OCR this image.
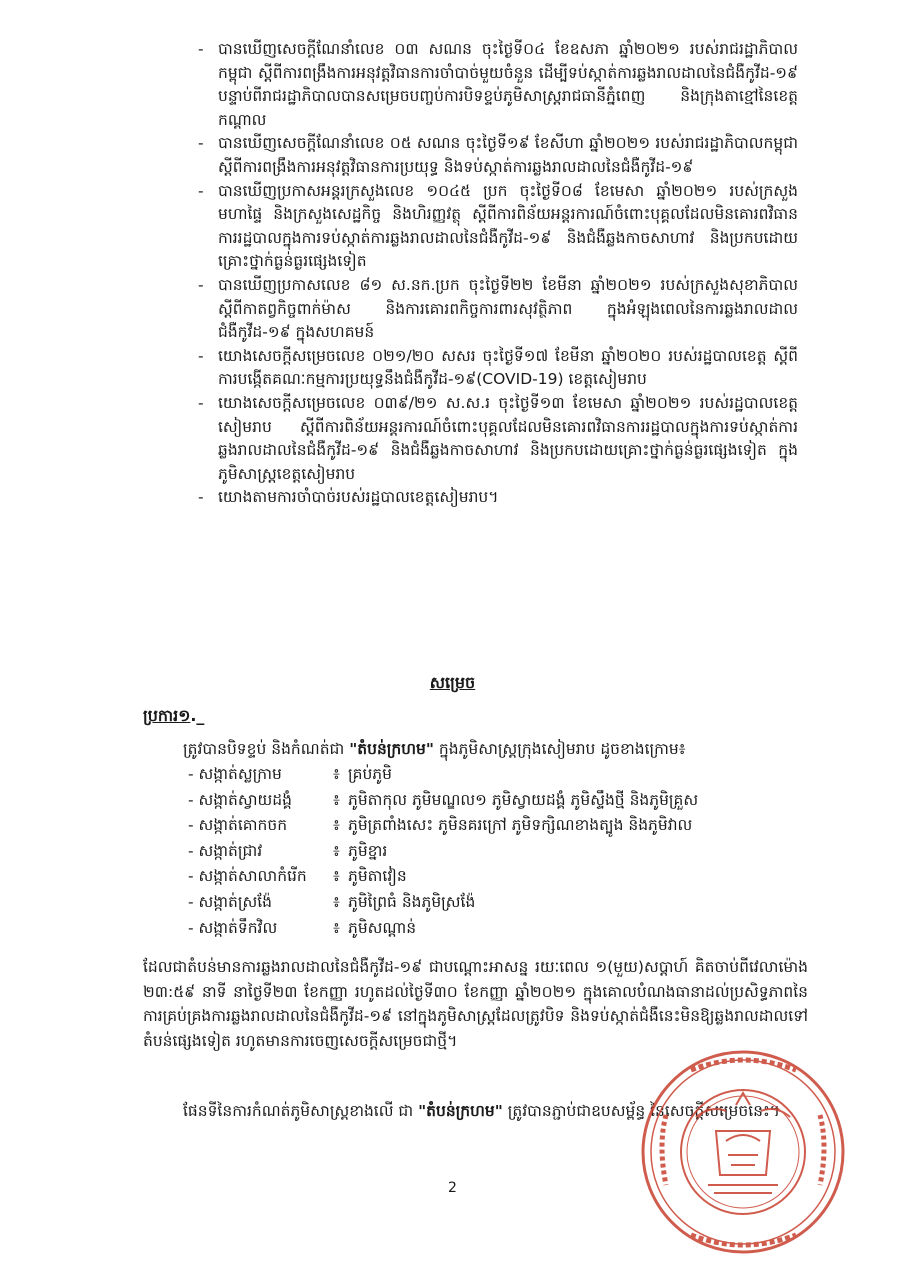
- បានឃើញសេចក្តីណែនាំលេខ ០៣ សណន ចុះថ្ងៃទី០៤ ខែឧសភា ឆ្នាំ២០២១ របស់រាជរដ្ឋាភិបាលកម្ពុជា ស្តីពីការពង្រឹងការអនុវត្តវិធានការចាំបាច់មួយចំនួន ដើម្បីទប់ស្កាត់ការឆ្លងរាលដាលនៃជំងឺកូវីដ-១៩ បន្ទាប់ពីរាជរដ្ឋាភិបាលបានសម្រេចបញ្ចប់ការបិទខ្ទប់ភូមិសាស្ត្ររាជធានីភ្នំពេញ និងក្រុងតាខ្មៅនៃខេត្តកណ្តាល

- បានឃើញសេចក្តីណែនាំលេខ ០៥ សណន ចុះថ្ងៃទី១៩ ខែសីហា ឆ្នាំ២០២១ របស់រាជរដ្ឋាភិបាលកម្ពុជា ស្តីពីការពង្រឹងការអនុវត្តវិធានការប្រយុទ្ធ និងទប់ស្កាត់ការឆ្លងរាលដាលនៃជំងឺកូវីដ-១៩

- បានឃើញប្រកាសអន្តរក្រសួងលេខ ១០៤៥ ប្រក ចុះថ្ងៃទី០៨ ខែមេសា ឆ្នាំ២០២១ របស់ក្រសួងមហាផ្ទៃ និងក្រសួងសេដ្ឋកិច្ច និងហិរញ្ញវត្ថុ ស្តីពីការពិន័យអន្តរការណ៍ចំពោះបុគ្គលដែលមិនគោរពវិធានការរដ្ឋបាលក្នុងការទប់ស្កាត់ការឆ្លងរាលដាលនៃជំងឺកូវីដ-១៩ និងជំងឺឆ្លងកាចសាហាវ និងប្រកបដោយគ្រោះថ្នាក់ធ្ងន់ធ្ងរផ្សេងទៀត

- បានឃើញប្រកាសលេខ ៨១ ស.នក.ប្រក ចុះថ្ងៃទី២២ ខែមីនា ឆ្នាំ២០២១ របស់ក្រសួងសុខាភិបាល ស្តីពីកាតព្វកិច្ចពាក់ម៉ាស និងការគោរពកិច្ចការពារសុវត្ថិភាព ក្នុងអំឡុងពេលនៃការឆ្លងរាលដាលជំងឺកូវីដ-១៩ ក្នុងសហគមន៍

- យោងសេចក្តីសម្រេចលេខ ០២១/២០ សសរ ចុះថ្ងៃទី១៧ ខែមីនា ឆ្នាំ២០២០ របស់រដ្ឋបាលខេត្ត ស្តីពីការបង្កើតគណៈកម្មការប្រយុទ្ធនឹងជំងឺកូវីដ-១៩(COVID-19) ខេត្តសៀមរាប

- យោងសេចក្តីសម្រេចលេខ ០៣៩/២១ ស.ស.រ ចុះថ្ងៃទី១៣ ខែមេសា ឆ្នាំ២០២១ របស់រដ្ឋបាលខេត្តសៀមរាប ស្តីពីការពិន័យអន្តរការណ៍ចំពោះបុគ្គលដែលមិនគោរពវិធានការរដ្ឋបាលក្នុងការទប់ស្កាត់ការឆ្លងរាលដាលនៃជំងឺកូវីដ-១៩ និងជំងឺឆ្លងកាចសាហាវ និងប្រកបដោយគ្រោះថ្នាក់ធ្ងន់ធ្ងរផ្សេងទៀត ក្នុងភូមិសាស្ត្រខេត្តសៀមរាប

- យោងតាមការចាំបាច់របស់រដ្ឋបាលខេត្តសៀមរាប។

សម្រេច
ប្រការ១._
ត្រូវបានបិទខ្ទប់ និងកំណត់ជា "តំបន់ក្រហម" ក្នុងភូមិសាស្ត្រក្រុងសៀមរាប ដូចខាងក្រោម៖
- សង្កាត់ស្លក្រាម	៖ គ្រប់ភូមិ
- សង្កាត់ស្វាយដង្គំ	៖ ភូមិតាកុល ភូមិមណ្ឌល១ ភូមិស្វាយដង្គំ ភូមិស្ទឹងថ្មី និងភូមិគ្រួស
- សង្កាត់គោកចក	៖ ភូមិត្រពាំងសេះ ភូមិនគរក្រៅ ភូមិទក្សិណខាងត្បូង និងភូមិវាល
- សង្កាត់ជ្រាវ	៖ ភូមិខ្នារ
- សង្កាត់សាលាកំរើក ៖ ភូមិតាវៀន
- សង្កាត់ស្រង៉ែ	៖ ភូមិព្រៃធំ និងភូមិស្រង៉ែ
- សង្កាត់ទឹកវិល	៖ ភូមិសណ្តាន់

ដែលជាតំបន់មានការឆ្លងរាលដាលនៃជំងឺកូវីដ-១៩ ជាបណ្តោះអាសន្ន រយៈពេល ១(មួយ)សប្តាហ៍ គិតចាប់ពីវេលាម៉ោង ២៣:៥៩ នាទី នាថ្ងៃទី២៣ ខែកញ្ញា រហូតដល់ថ្ងៃទី៣០ ខែកញ្ញា ឆ្នាំ២០២១ ក្នុងគោលបំណងធានាដល់ប្រសិទ្ធភាពនៃការគ្រប់គ្រងការឆ្លងរាលដាលនៃជំងឺកូវីដ-១៩ នៅក្នុងភូមិសាស្ត្រដែលត្រូវបិទ និងទប់ស្កាត់ជំងឺនេះមិនឱ្យឆ្លងរាលដាលទៅតំបន់ផ្សេងទៀត រហូតមានការចេញសេចក្តីសម្រេចជាថ្មី។

ផែនទីនៃការកំណត់ភូមិសាស្ត្រខាងលើ ជា "តំបន់ក្រហម" ត្រូវបានភ្ជាប់ជាឧបសម្ព័ន្ធ នៃសេចក្តីសម្រេចនេះ។

2
